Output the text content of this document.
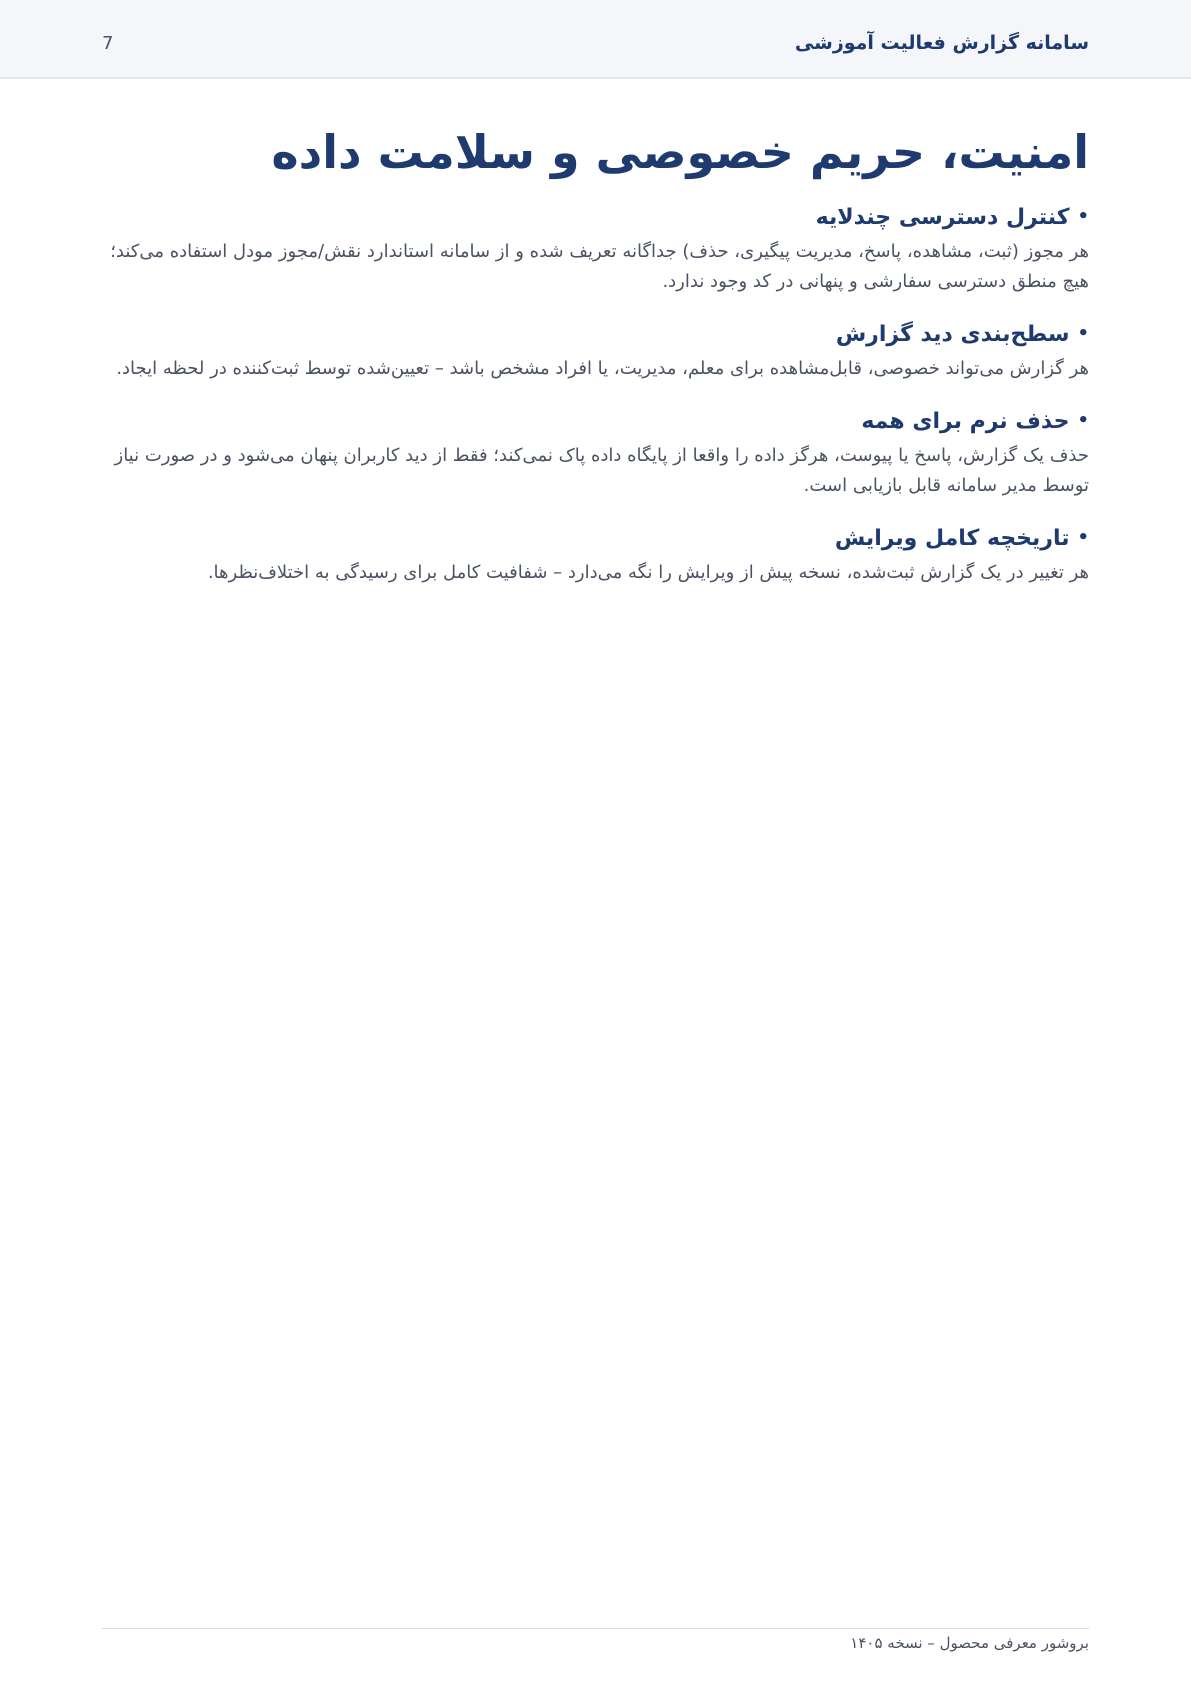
سامانه گزارش فعالیت آموزشی
7
امنیت، حریم خصوصی و سلامت داده
•کنترل دسترسی چندلایه

هر مجوز (ثبت، مشاهده، پاسخ، مدیریت پیگیری، حذف) جداگانه تعریف شده و از سامانه استاندارد نقش/مجوز مودل استفاده می‌کند؛ هیچ منطق دسترسی سفارشی و پنهانی در کد وجود ندارد.

•سطح‌بندی دید گزارش

هر گزارش می‌تواند خصوصی، قابل‌مشاهده برای معلم، مدیریت، یا افراد مشخص باشد – تعیین‌شده توسط ثبت‌کننده در لحظه ایجاد.

•حذف نرم برای همه

حذف یک گزارش، پاسخ یا پیوست، هرگز داده را واقعا از پایگاه داده پاک نمی‌کند؛ فقط از دید کاربران پنهان می‌شود و در صورت نیاز توسط مدیر سامانه قابل بازیابی است.

•تاریخچه کامل ویرایش

هر تغییر در یک گزارش ثبت‌شده، نسخه پیش از ویرایش را نگه می‌دارد – شفافیت کامل برای رسیدگی به اختلاف‌نظرها.

بروشور معرفی محصول – نسخه ۱۴۰۵
